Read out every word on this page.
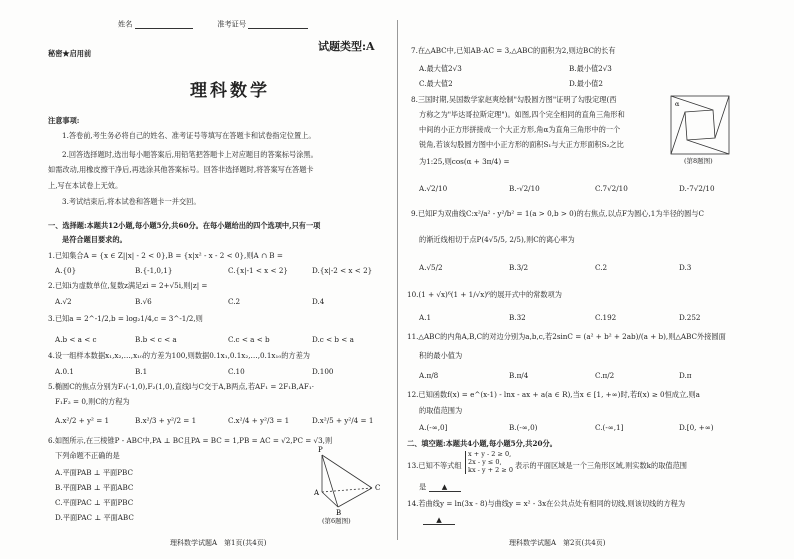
姓名	准考证号
秘密★启用前
试题类型:A
理科数学
注意事项:
1.答卷前,考生务必将自己的姓名、准考证号等填写在答题卡和试卷指定位置上。
2.回答选择题时,选出每小题答案后,用铅笔把答题卡上对应题目的答案标号涂黑。
如需改动,用橡皮擦干净后,再选涂其他答案标号。回答非选择题时,将答案写在答题卡
上,写在本试卷上无效。
3.考试结束后,将本试卷和答题卡一并交回。
一、选择题:本题共12小题,每小题5分,共60分。在每小题给出的四个选项中,只有一项
是符合题目要求的。
1.已知集合A = {x ∈ Z||x| - 2 < 0},B = {x|x² - x - 2 < 0},则A ∩ B =
A.{0}	B.{-1,0,1}	C.{x|-1 < x < 2}	D.{x|-2 < x < 2}
2.已知i为虚数单位,复数z满足zi = 2+√5i,则|z| =
A.√2	B.√6	C.2	D.4
3.已知a = 2^-1/2,b = log₂1/4,c = 3^-1/2,则
A.b < a < c	B.b < c < a	C.c < a < b	D.c < b < a
4.设一组样本数据x₁,x₂,…,x₁₀的方差为100,则数据0.1x₁,0.1x₂,…,0.1x₁₀的方差为
A.0.1	B.1	C.10	D.100
5.椭圆C的焦点分别为F₁(-1,0),F₂(1,0),直线l与C交于A,B两点,若AF₁ = 2F₁B,AF₁·
F₁F₂ = 0,则C的方程为
A.x²/2 + y² = 1	B.x²/3 + y²/2 = 1	C.x²/4 + y²/3 = 1	D.x²/5 + y²/4 = 1
6.如图所示,在三棱锥P - ABC中,PA ⊥ BC且PA = BC = 1,PB = AC = √2,PC = √3,则
下列命题不正确的是
A.平面PAB ⊥ 平面PBC
B.平面PAB ⊥ 平面ABC
C.平面PAC ⊥ 平面PBC
D.平面PAC ⊥ 平面ABC
P
A
B
C
(第6题图)
理科数学试题A　第1页(共4页)
7.在△ABC中,已知AB·AC = 3,△ABC的面积为2,则边BC的长有
A.最大值2√3	B.最小值2√3
C.最大值2	D.最小值2
8.三国时期,吴国数学家赵爽绘制"勾股圆方图"证明了勾股定理(西
方称之为"毕达哥拉斯定理")。如图,四个完全相同的直角三角形和
中间的小正方形拼接成一个大正方形,角α为直角三角形中的一个
锐角,若该勾股圆方图中小正方形的面积S₁与大正方形面积S₂之比
为1:25,则cos(α + 3π/4) =
α
(第8题图)
A.√2/10	B.-√2/10	C.7√2/10	D.-7√2/10
9.已知F为双曲线C:x²/a² - y²/b² = 1(a > 0,b > 0)的右焦点,以点F为圆心,1为半径的圆与C
的渐近线相切于点P(4√5/5, 2/5),则C的离心率为
A.√5/2	B.3/2	C.2	D.3
10.(1 + √x)⁶(1 + 1/√x)⁶的展开式中的常数项为
A.1	B.32	C.192	D.252
11.△ABC的内角A,B,C的对边分别为a,b,c,若2sinC = (a² + b² + 2ab)/(a + b),则△ABC外接圆面
积的最小值为
A.π/8	B.π/4	C.π/2	D.π
12.已知函数f(x) = e^(x-1) - lnx - ax + a(a ∈ R),当x ∈ [1, +∞)时,若f(x) ≥ 0恒成立,则a
的取值范围为
A.(-∞,0]	B.(-∞,0)	C.(-∞,1]	D.[0, +∞)
二、填空题:本题共4小题,每小题5分,共20分。
13.已知不等式组
x + y - 2 ≥ 0,
2x - y ≤ 0,
kx - y + 2 ≥ 0 表示的平面区域是一个三角形区域,则实数k的取值范围
是 ▲
14.若曲线y = ln(3x - 8)与曲线y = x² - 3x在公共点处有相同的切线,则该切线的方程为
▲
理科数学试题A　第2页(共4页)
